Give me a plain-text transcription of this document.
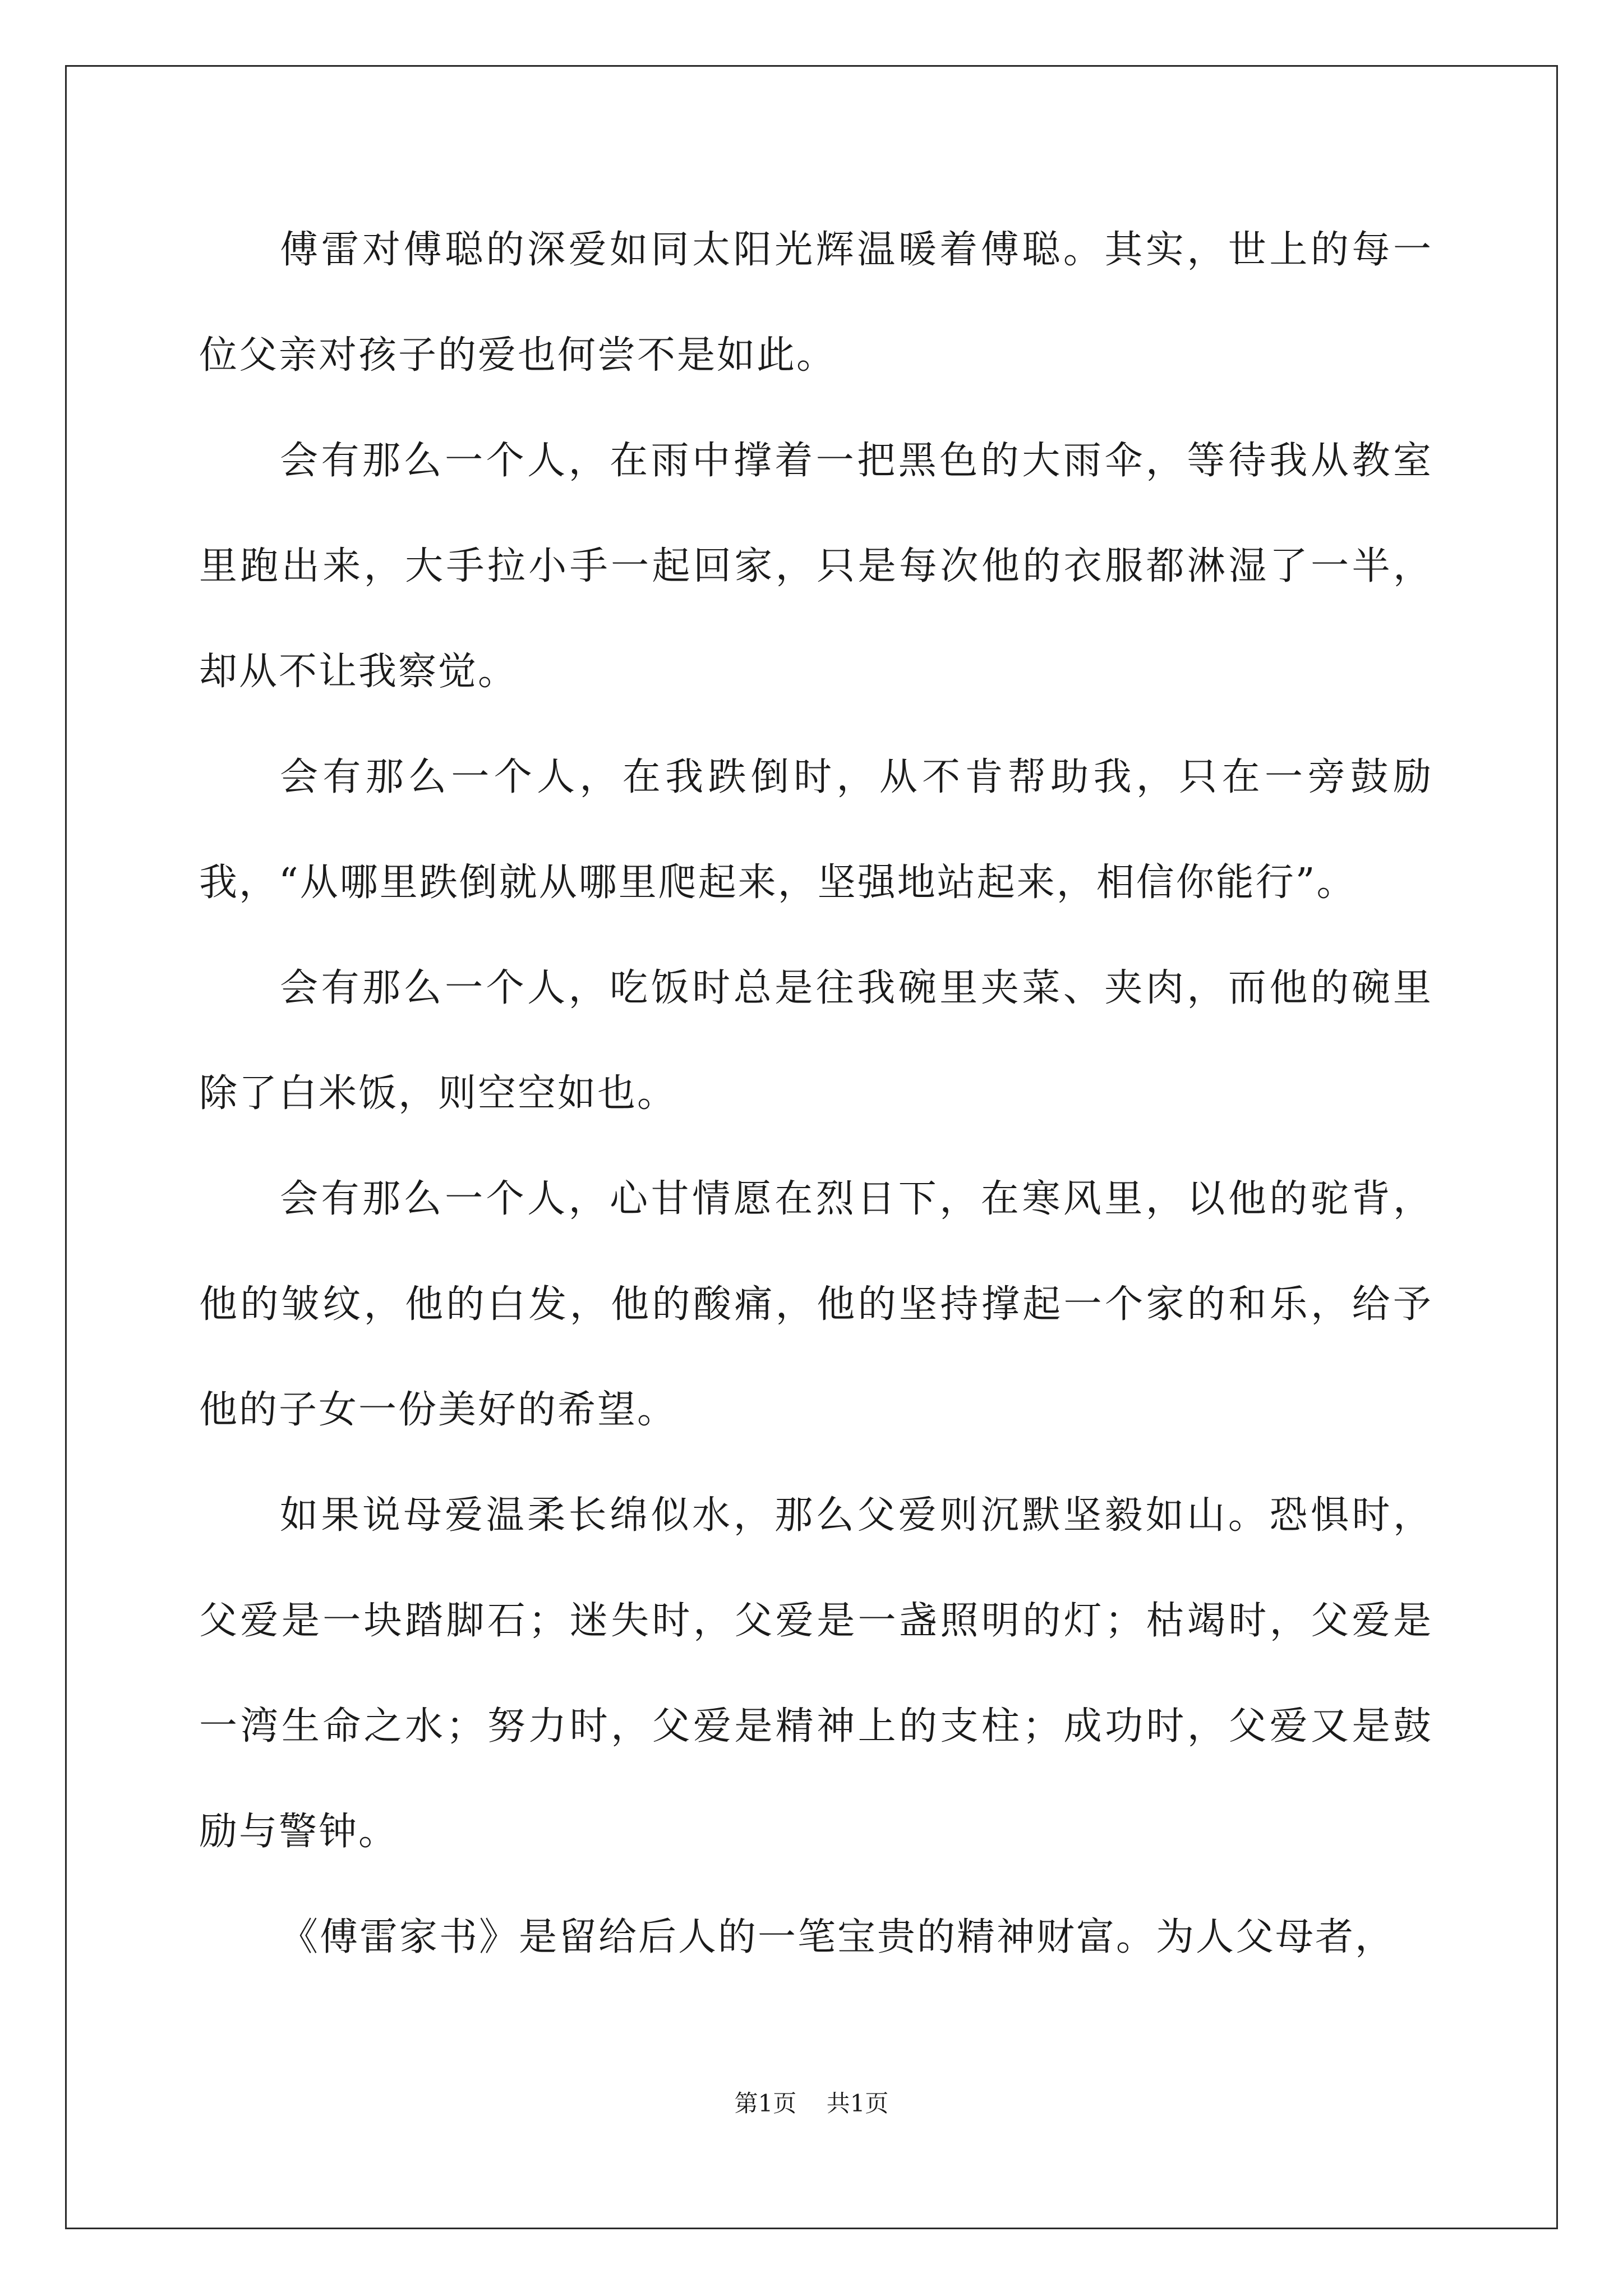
傅雷对傅聪的深爱如同太阳光辉温暖着傅聪。其实，世上的每一位父亲对孩子的爱也何尝不是如此。

会有那么一个人，在雨中撑着一把黑色的大雨伞，等待我从教室里跑出来，大手拉小手一起回家，只是每次他的衣服都淋湿了一半，却从不让我察觉。

会有那么一个人，在我跌倒时，从不肯帮助我，只在一旁鼓励我，“从哪里跌倒就从哪里爬起来，坚强地站起来，相信你能行”。

会有那么一个人，吃饭时总是往我碗里夹菜、夹肉，而他的碗里除了白米饭，则空空如也。

会有那么一个人，心甘情愿在烈日下，在寒风里，以他的驼背，他的皱纹，他的白发，他的酸痛，他的坚持撑起一个家的和乐，给予他的子女一份美好的希望。

如果说母爱温柔长绵似水，那么父爱则沉默坚毅如山。恐惧时，父爱是一块踏脚石；迷失时，父爱是一盏照明的灯；枯竭时，父爱是一湾生命之水；努力时，父爱是精神上的支柱；成功时，父爱又是鼓励与警钟。

《傅雷家书》是留给后人的一笔宝贵的精神财富。为人父母者，

第1页 共1页
